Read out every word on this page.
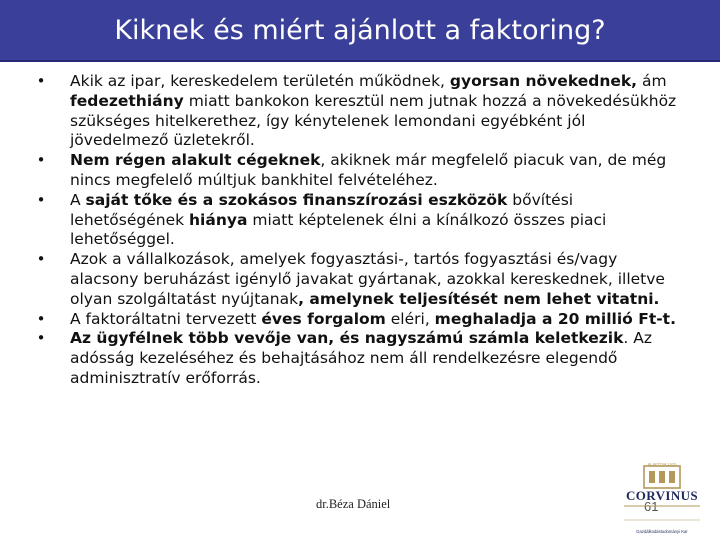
Kiknek és miért ajánlott a faktoring?
• Akik az ipar, kereskedelem területén működnek, gyorsan növekednek, ám fedezethiány miatt bankokon keresztül nem jutnak hozzá a növekedésükhöz szükséges hitelkerethez, így kénytelenek lemondani egyébként jól jövedelmező üzletekről.
• Nem régen alakult cégeknek, akiknek már megfelelő piacuk van, de még nincs megfelelő múltjuk bankhitel felvételéhez.
• A saját tőke és a szokásos finanszírozási eszközök bővítési lehetőségének hiánya miatt képtelenek élni a kínálkozó összes piaci lehetőséggel.
• Azok a vállalkozások, amelyek fogyasztási-, tartós fogyasztási és/vagy alacsony beruházást igénylő javakat gyártanak, azokkal kereskednek, illetve olyan szolgáltatást nyújtanak, amelynek teljesítését nem lehet vitatni.
• A faktoráltatni tervezett éves forgalom eléri, meghaladja a 20 millió Ft-t.
• Az ügyfélnek több vevője van, és nagyszámú számla keletkezik. Az adósság kezeléséhez és behajtásához nem áll rendelkezésre elegendő adminisztratív erőforrás.
dr.Béza Dániel	61
ALAPÍTVA 1920
CORVINUS
Gazdálkodástudományi Kar
